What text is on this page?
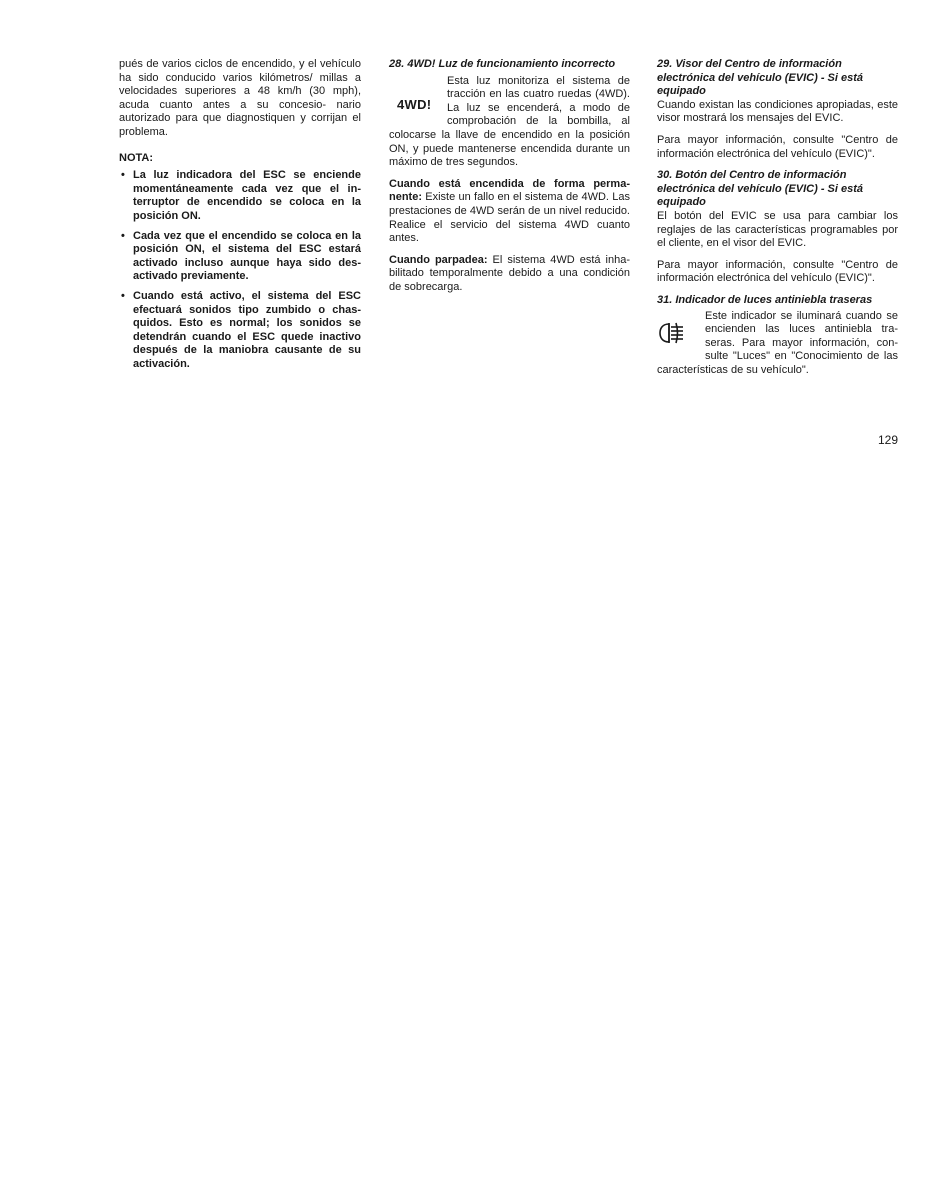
pués de varios ciclos de encendido, y el vehículo ha sido conducido varios kilómetros/ millas a velocidades superiores a 48 km/h (30 mph), acuda cuanto antes a su concesio- nario autorizado para que diagnostiquen y corrijan el problema.

NOTA:
• La luz indicadora del ESC se enciende momentáneamente cada vez que el in- terruptor de encendido se coloca en la posición ON.
• Cada vez que el encendido se coloca en la posición ON, el sistema del ESC estará activado incluso aunque haya sido des- activado previamente.
• Cuando está activo, el sistema del ESC efectuará sonidos tipo zumbido o chas- quidos. Esto es normal; los sonidos se detendrán cuando el ESC quede inactivo después de la maniobra causante de su activación.

28. 4WD! Luz de funcionamiento incorrecto

4WD!

Esta luz monitoriza el sistema de tracción en las cuatro ruedas (4WD). La luz se encenderá, a modo de comprobación de la bombilla, al colocarse la llave de encendido en la posición ON, y puede mantenerse encendida durante un máximo de tres segundos.

Cuando está encendida de forma perma- nente: Existe un fallo en el sistema de 4WD. Las prestaciones de 4WD serán de un nivel reducido. Realice el servicio del sistema 4WD cuanto antes.

Cuando parpadea: El sistema 4WD está inha- bilitado temporalmente debido a una condición de sobrecarga.

29. Visor del Centro de información electrónica del vehículo (EVIC) - Si está equipado

Cuando existan las condiciones apropiadas, este visor mostrará los mensajes del EVIC.

Para mayor información, consulte "Centro de información electrónica del vehículo (EVIC)".

30. Botón del Centro de información electrónica del vehículo (EVIC) - Si está equipado

El botón del EVIC se usa para cambiar los reglajes de las características programables por el cliente, en el visor del EVIC.

Para mayor información, consulte "Centro de información electrónica del vehículo (EVIC)".

31. Indicador de luces antiniebla traseras

Este indicador se iluminará cuando se encienden las luces antiniebla tra- seras. Para mayor información, con- sulte "Luces" en "Conocimiento de las características de su vehículo".

129
